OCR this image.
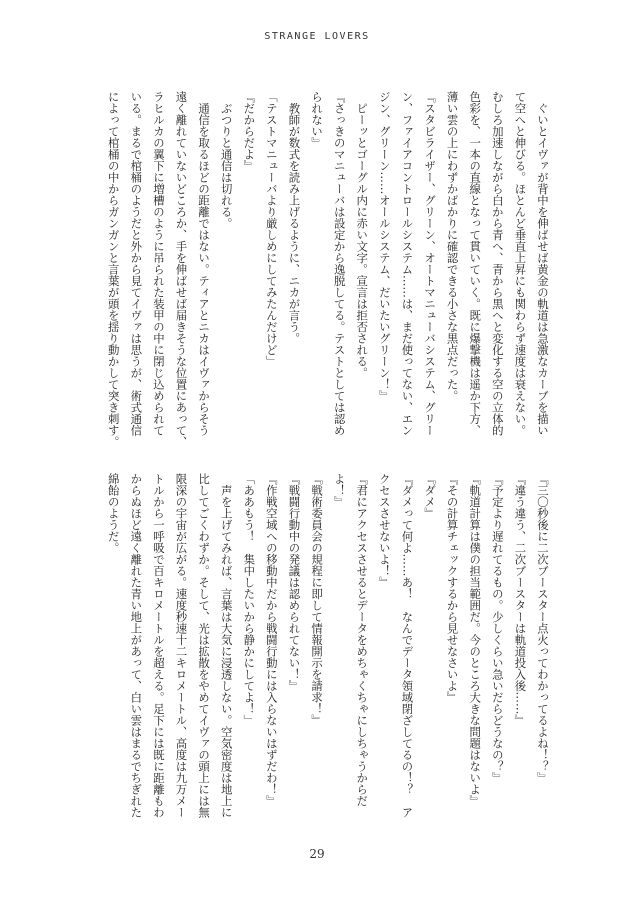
STRANGE LOVERS
　ぐいとイヴァが背中を伸ばせば黄金の軌道は急激なカーブを描い
て空へと伸びる。ほとんど垂直上昇にも関わらず速度は衰えない。
むしろ加速しながら白から青へ、青から黒へと変化する空の立体的
色彩を、一本の直線となって貫いていく。既に爆撃機は遥か下方、
薄い雲の上にわずかばかりに確認できる小さな黒点だった。
『スタビライザー、グリーン、オートマニューバシステム、グリー
ン、ファイアコントロールシステム……は、まだ使ってない、エン
ジン、グリーン……オールシステム、だいたいグリーン！』
　ピーッとゴーグル内に赤い文字。宣言は拒否される。
『さっきのマニューバは設定から逸脱してる。テストとしては認め
られない』
　教師が数式を読み上げるように、ニカが言う。
「テストマニューバより厳しめにしてみたんだけど」
『だからだよ』
　ぶつりと通信は切れる。
　通信を取るほどの距離ではない。ティアとニカはイヴァからそう
遠く離れていないどころか、手を伸ばせば届きそうな位置にあって、
ラヒルカの翼下に増槽のように吊られた装甲の中に閉じ込められて
いる。まるで棺桶のようだと外から見てイヴァは思うが、術式通信
によって棺桶の中からガンガンと言葉が頭を揺り動かして突き刺す。
『三〇秒後に二次ブースター点火ってわかってるよね！？』
『違う違う、二次ブースターは軌道投入後……』
『予定より遅れてるもの。少しくらい急いだらどうなの？』
『軌道計算は僕の担当範囲だ。今のところ大きな問題はないよ』
『その計算チェックするから見せなさいよ』
『ダメ』
『ダメって何よ……あ！　なんでデータ領域閉ざしてるの！？　ア
クセスさせないよ！』
『君にアクセスさせるとデータをめちゃくちゃにしちゃうからだ
よ！』
『戦術委員会の規程に即して情報開示を請求！』
『戦闘行動中の発議は認められてない！』
『作戦空域への移動中だから戦闘行動には入らないはずだわ！』
「ああもう！　集中したいから静かにしてよ！」
　声を上げてみれば、言葉は大気に浸透しない。空気密度は地上に
比してごくわずか。そして、光は拡散をやめてイヴァの頭上には無
限深の宇宙が広がる。速度秒速十二キロメートル、高度は九万メー
トルから一呼吸で百キロメートルを超える。足下には既に距離もわ
からぬほど遠く離れた青い地上があって、白い雲はまるでちぎれた
綿飴のようだ。
29
